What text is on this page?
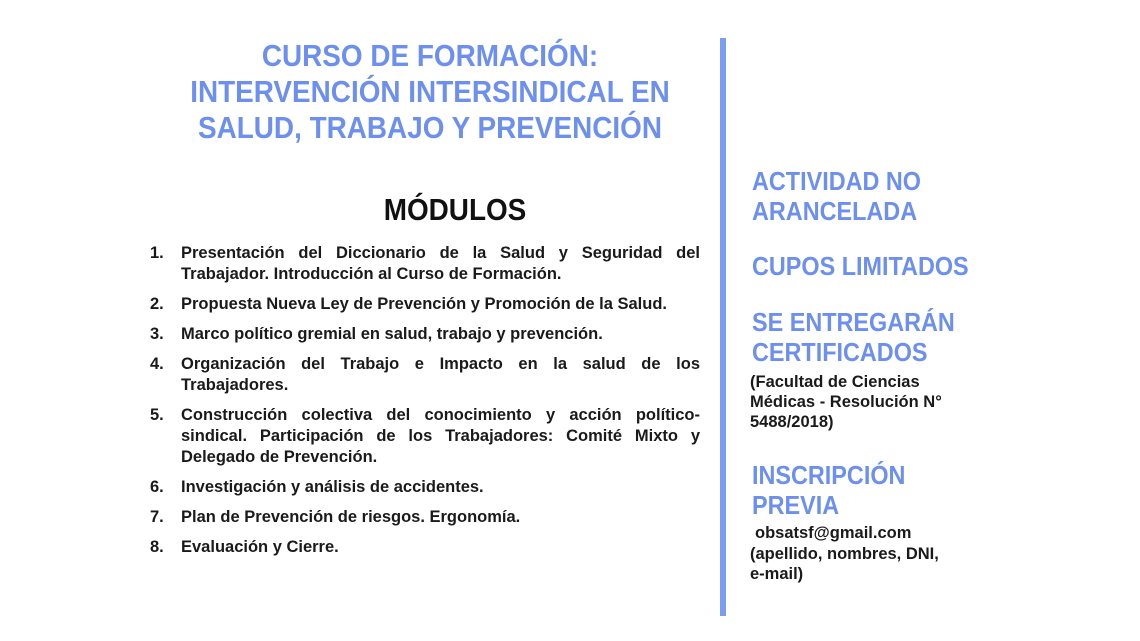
CURSO DE FORMACIÓN:
INTERVENCIÓN INTERSINDICAL EN
SALUD, TRABAJO Y PREVENCIÓN
MÓDULOS
1.	Presentación del Diccionario de la Salud y Seguridad del Trabajador. Introducción al Curso de Formación.
2.	Propuesta Nueva Ley de Prevención y Promoción de la Salud.
3.	Marco político gremial en salud, trabajo y prevención.
4.	Organización del Trabajo e Impacto en la salud de los Trabajadores.
5.	Construcción colectiva del conocimiento y acción político-sindical. Participación de los Trabajadores: Comité Mixto y Delegado de Prevención.
6.	Investigación y análisis de accidentes.
7.	Plan de Prevención de riesgos. Ergonomía.
8.	Evaluación y Cierre.
ACTIVIDAD NO
ARANCELADA
CUPOS LIMITADOS
SE ENTREGARÁN
CERTIFICADOS
(Facultad de Ciencias
Médicas - Resolución N°
5488/2018)
INSCRIPCIÓN
PREVIA
obsatsf@gmail.com
(apellido, nombres, DNI,
e-mail)
